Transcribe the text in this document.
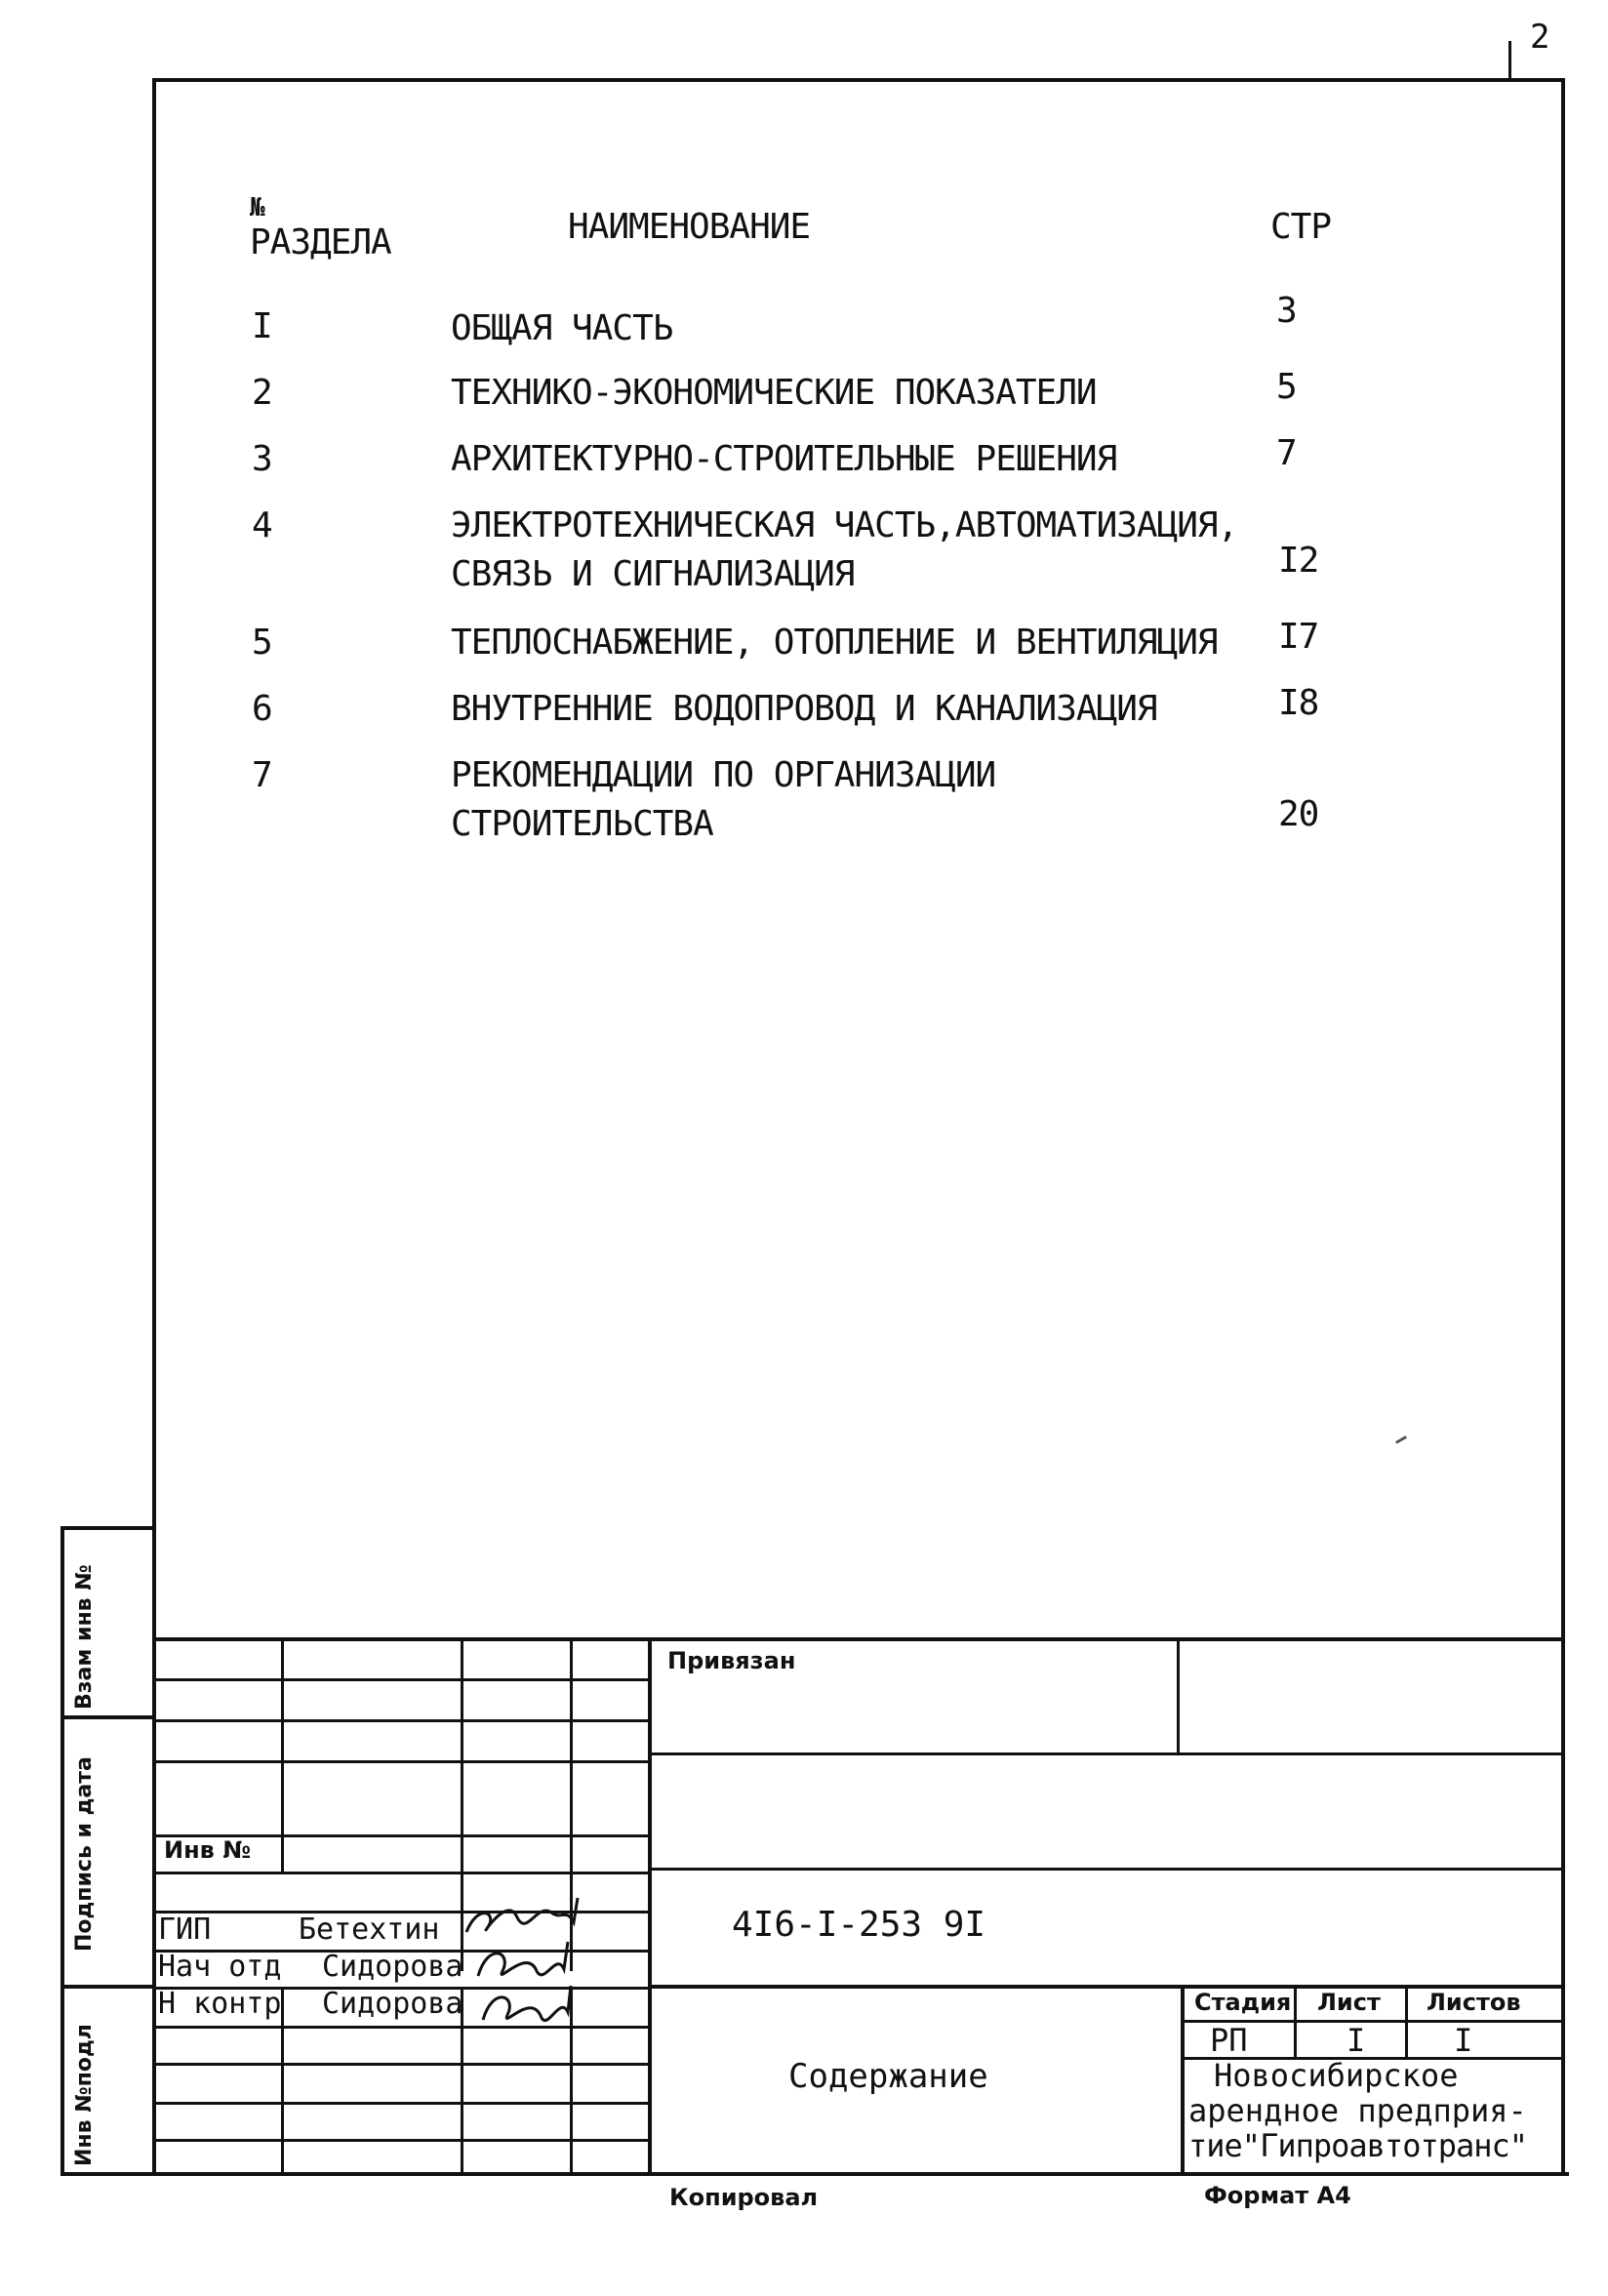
2
№
РАЗДЕЛА	НАИМЕНОВАНИЕ	СТР
I	ОБЩАЯ ЧАСТЬ	3
2	ТЕХНИКО-ЭКОНОМИЧЕСКИЕ ПОКАЗАТЕЛИ	5
3	АРХИТЕКТУРНО-СТРОИТЕЛЬНЫЕ РЕШЕНИЯ	7
4	ЭЛЕКТРОТЕХНИЧЕСКАЯ ЧАСТЬ,АВТОМАТИЗАЦИЯ,
СВЯЗЬ И СИГНАЛИЗАЦИЯ	I2
5	ТЕПЛОСНАБЖЕНИЕ, ОТОПЛЕНИЕ И ВЕНТИЛЯЦИЯ I7
6	ВНУТРЕННИЕ ВОДОПРОВОД И КАНАЛИЗАЦИЯ	I8
7	РЕКОМЕНДАЦИИ ПО ОРГАНИЗАЦИИ
СТРОИТЕЛЬСТВА	20
Взам инв №
Подпись и дата
Инв №подл
Привязан
Инв №
ГИП	Бетехтин
Нач отд Сидорова
Н контр Сидорова
4I6-I-253 9I
Содержание
Стадия Лист Листов
РП	I	I
Новосибирское
арендное предприя-
тие"Гипроавтотранс"
Копировал	Формат А4
